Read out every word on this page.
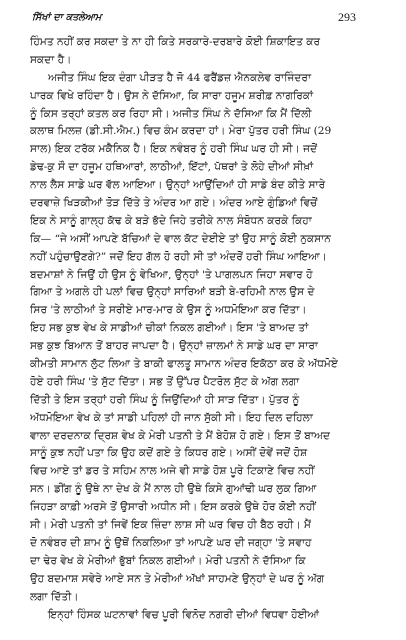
ਸਿੱਖਾਂ ਦਾ ਕਤਲੇਆਮ	293
ਹਿੰਮਤ ਨਹੀਂ ਕਰ ਸਕਦਾ ਤੇ ਨਾ ਹੀ ਕਿਤੇ ਸਰਕਾਰੇ-ਦਰਬਾਰੇ ਕੋਈ ਸ਼ਿਕਾਇਤ ਕਰ
ਸਕਦਾ ਹੈ।
ਅਜੀਤ ਸਿੰਘ ਇਕ ਦੰਗਾ ਪੀੜਤ ਹੈ ਜੋ 44 ਫਰੈਂਡਜ਼ ਐਨਕਲੇਵ ਰਾਜਿੰਦਰਾ
ਪਾਰਕ ਵਿਖੇ ਰਹਿੰਦਾ ਹੈ। ਉਸ ਨੇ ਦੱਸਿਆ, ਕਿ ਸਾਰਾ ਹਜੂਮ ਸ਼ਰੀਫ਼ ਨਾਗਰਿਕਾਂ
ਨੂੰ ਕਿਸ ਤਰ੍ਹਾਂ ਕਤਲ ਕਰ ਰਿਹਾ ਸੀ। ਅਜੀਤ ਸਿੰਘ ਨੇ ਦੱਸਿਆ ਕਿ ਮੈਂ ਦਿੱਲੀ
ਕਲਾਥ ਮਿਲਜ਼ (ਡੀ.ਸੀ.ਐਮ.) ਵਿਚ ਕੰਮ ਕਰਦਾ ਹਾਂ। ਮੇਰਾ ਪੁੱਤਰ ਹਰੀ ਸਿੰਘ (29
ਸਾਲ) ਇਕ ਟਰੱਕ ਮਕੈਨਿਕ ਹੈ। ਇਕ ਨਵੰਬਰ ਨੂੰ ਹਰੀ ਸਿੰਘ ਘਰ ਹੀ ਸੀ। ਜਦੋਂ
ਡੇਢ-ਕੁ ਸੌ ਦਾ ਹਜੂਮ ਹਥਿਆਰਾਂ, ਲਾਠੀਆਂ, ਇੱਟਾਂ, ਪੱਥਰਾਂ ਤੇ ਲੋਹੇ ਦੀਆਂ ਸੀਖ਼ਾਂ
ਨਾਲ ਲੈਸ ਸਾਡੇ ਘਰ ਵੱਲ ਆਇਆ। ਉਨ੍ਹਾਂ ਆਉਂਦਿਆਂ ਹੀ ਸਾਡੇ ਬੰਦ ਕੀਤੇ ਸਾਰੇ
ਦਰਵਾਜ਼ੇ ਖਿੜਕੀਆਂ ਤੋੜ ਦਿੱਤੇ ਤੇ ਅੰਦਰ ਆ ਗਏ। ਅੰਦਰ ਆਏ ਗੁੰਡਿਆਂ ਵਿਚੋਂ
ਇਕ ਨੇ ਸਾਨੂੰ ਗਾਲ੍ਹ ਕੱਢ ਕੇ ਬੜੇ ਭੱਦੇ ਜਿਹੇ ਤਰੀਕੇ ਨਾਲ ਸੰਬੋਧਨ ਕਰਕੇ ਕਿਹਾ
ਕਿ— “ਜੇ ਅਸੀਂ ਆਪਣੇ ਬੱਚਿਆਂ ਦੇ ਵਾਲ ਕੱਟ ਦੇਈਏ ਤਾਂ ਉਹ ਸਾਨੂੰ ਕੋਈ ਨੁਕਸਾਨ
ਨਹੀਂ ਪਹੁੰਚਾਉਣਗੇ?” ਜਦੋਂ ਇਹ ਗੱਲ ਹੋ ਰਹੀ ਸੀ ਤਾਂ ਅੰਦਰੋਂ ਹਰੀ ਸਿੰਘ ਆਇਆ।
ਬਦਮਾਸ਼ਾਂ ਨੇ ਜਿਉਂ ਹੀ ਉਸ ਨੂੰ ਵੇਖਿਆ, ਉਨ੍ਹਾਂ 'ਤੇ ਪਾਗਲਪਨ ਜਿਹਾ ਸਵਾਰ ਹੋ
ਗਿਆ ਤੇ ਅਗਲੇ ਹੀ ਪਲਾਂ ਵਿਚ ਉਨ੍ਹਾਂ ਸਾਰਿਆਂ ਬੜੀ ਬੇ-ਰਹਿਮੀ ਨਾਲ ਉਸ ਦੇ
ਸਿਰ 'ਤੇ ਲਾਠੀਆਂ ਤੇ ਸਰੀਏ ਮਾਰ-ਮਾਰ ਕੇ ਉਸ ਨੂੰ ਅਧਮੋਇਆ ਕਰ ਦਿੱਤਾ।
ਇਹ ਸਭ ਕੁਝ ਵੇਖ ਕੇ ਸਾਡੀਆਂ ਚੀਕਾਂ ਨਿਕਲ ਗਈਆਂ। ਇਸ 'ਤੇ ਬਾਅਦ ਤਾਂ
ਸਭ ਕੁਝ ਬਿਆਨ ਤੋਂ ਬਾਹਰ ਜਾਪਦਾ ਹੈ। ਉਨ੍ਹਾਂ ਜ਼ਾਲਮਾਂ ਨੇ ਸਾਡੇ ਘਰ ਦਾ ਸਾਰਾ
ਕੀਮਤੀ ਸਾਮਾਨ ਲੁੱਟ ਲਿਆ ਤੇ ਬਾਕੀ ਫਾਲਤੂ ਸਾਮਾਨ ਅੰਦਰ ਇਕੱਠਾ ਕਰ ਕੇ ਅੱਧਮੋਏ
ਹੋਏ ਹਰੀ ਸਿੰਘ 'ਤੇ ਸੁੱਟ ਦਿੱਤਾ। ਸਭ ਤੋਂ ਉੱਪਰ ਪੈਟਰੋਲ ਸੁੱਟ ਕੇ ਅੱਗ ਲਗਾ
ਦਿੱਤੀ ਤੇ ਇਸ ਤਰ੍ਹਾਂ ਹਰੀ ਸਿੰਘ ਨੂੰ ਜਿਉਂਦਿਆਂ ਹੀ ਸਾੜ ਦਿੱਤਾ। ਪੁੱਤਰ ਨੂੰ
ਅੱਧਮੋਇਆ ਵੇਖ ਕੇ ਤਾਂ ਸਾਡੀ ਪਹਿਲਾਂ ਹੀ ਜਾਨ ਸੁੱਕੀ ਸੀ। ਇਹ ਦਿਲ ਦਹਿਲਾ
ਵਾਲਾ ਦਰਦਨਾਕ ਦ੍ਰਿਸ਼ ਵੇਖ ਕੇ ਮੇਰੀ ਪਤਨੀ ਤੇ ਮੈਂ ਬੇਹੋਸ਼ ਹੋ ਗਏ। ਇਸ ਤੋਂ ਬਾਅਦ
ਸਾਨੂੰ ਕੁਝ ਨਹੀਂ ਪਤਾ ਕਿ ਉਹ ਕਦੋਂ ਗਏ ਤੇ ਕਿਧਰ ਗਏ। ਅਸੀਂ ਦੋਵੇਂ ਜਦੋਂ ਹੋਸ਼
ਵਿਚ ਆਏ ਤਾਂ ਡਰ ਤੇ ਸਹਿਮ ਨਾਲ ਅਜੇ ਵੀ ਸਾਡੇ ਹੋਸ਼ ਪੂਰੇ ਟਿਕਾਣੇ ਵਿਚ ਨਹੀਂ
ਸਨ। ਡੀਂਗ ਨੂੰ ਉਥੇ ਨਾ ਦੇਖ ਕੇ ਮੈਂ ਨਾਲ ਹੀ ਉਥੇ ਕਿਸੇ ਗੁਆਂਢੀ ਘਰ ਲੁਕ ਗਿਆ
ਜਿਹੜਾ ਕਾਫ਼ੀ ਅਰਸੇ ਤੋਂ ਉਸਾਰੀ ਅਧੀਨ ਸੀ। ਇਸ ਕਰਕੇ ਉਥੇ ਹੋਰ ਕੋਈ ਨਹੀਂ
ਸੀ। ਮੇਰੀ ਪਤਨੀ ਤਾਂ ਜਿਵੇਂ ਇਕ ਜ਼ਿੰਦਾ ਲਾਸ਼ ਸੀ ਘਰ ਵਿਚ ਹੀ ਬੈਠ ਰਹੀ। ਮੈਂ
ਦੋ ਨਵੰਬਰ ਦੀ ਸ਼ਾਮ ਨੂੰ ਉਥੋਂ ਨਿਕਲਿਆ ਤਾਂ ਆਪਣੇ ਘਰ ਦੀ ਜਗ੍ਹਾ 'ਤੇ ਸਵਾਹ
ਦਾ ਢੇਰ ਵੇਖ ਕੇ ਮੇਰੀਆਂ ਭੁੱਬਾਂ ਨਿਕਲ ਗਈਆਂ। ਮੇਰੀ ਪਤਨੀ ਨੇ ਦੱਸਿਆ ਕਿ
ਉਹ ਬਦਮਾਸ਼ ਸਵੇਰੇ ਆਏ ਸਨ ਤੇ ਮੇਰੀਆਂ ਅੱਖਾਂ ਸਾਹਮਣੇ ਉਨ੍ਹਾਂ ਦੇ ਘਰ ਨੂੰ ਅੱਗ
ਲਗਾ ਦਿੱਤੀ।
ਇਨ੍ਹਾਂ ਹਿੰਸਕ ਘਟਨਾਵਾਂ ਵਿਚ ਪੂਰੀ ਵਿਨੋਦ ਨਗਰੀ ਦੀਆਂ ਵਿਧਵਾ ਹੋਈਆਂ
